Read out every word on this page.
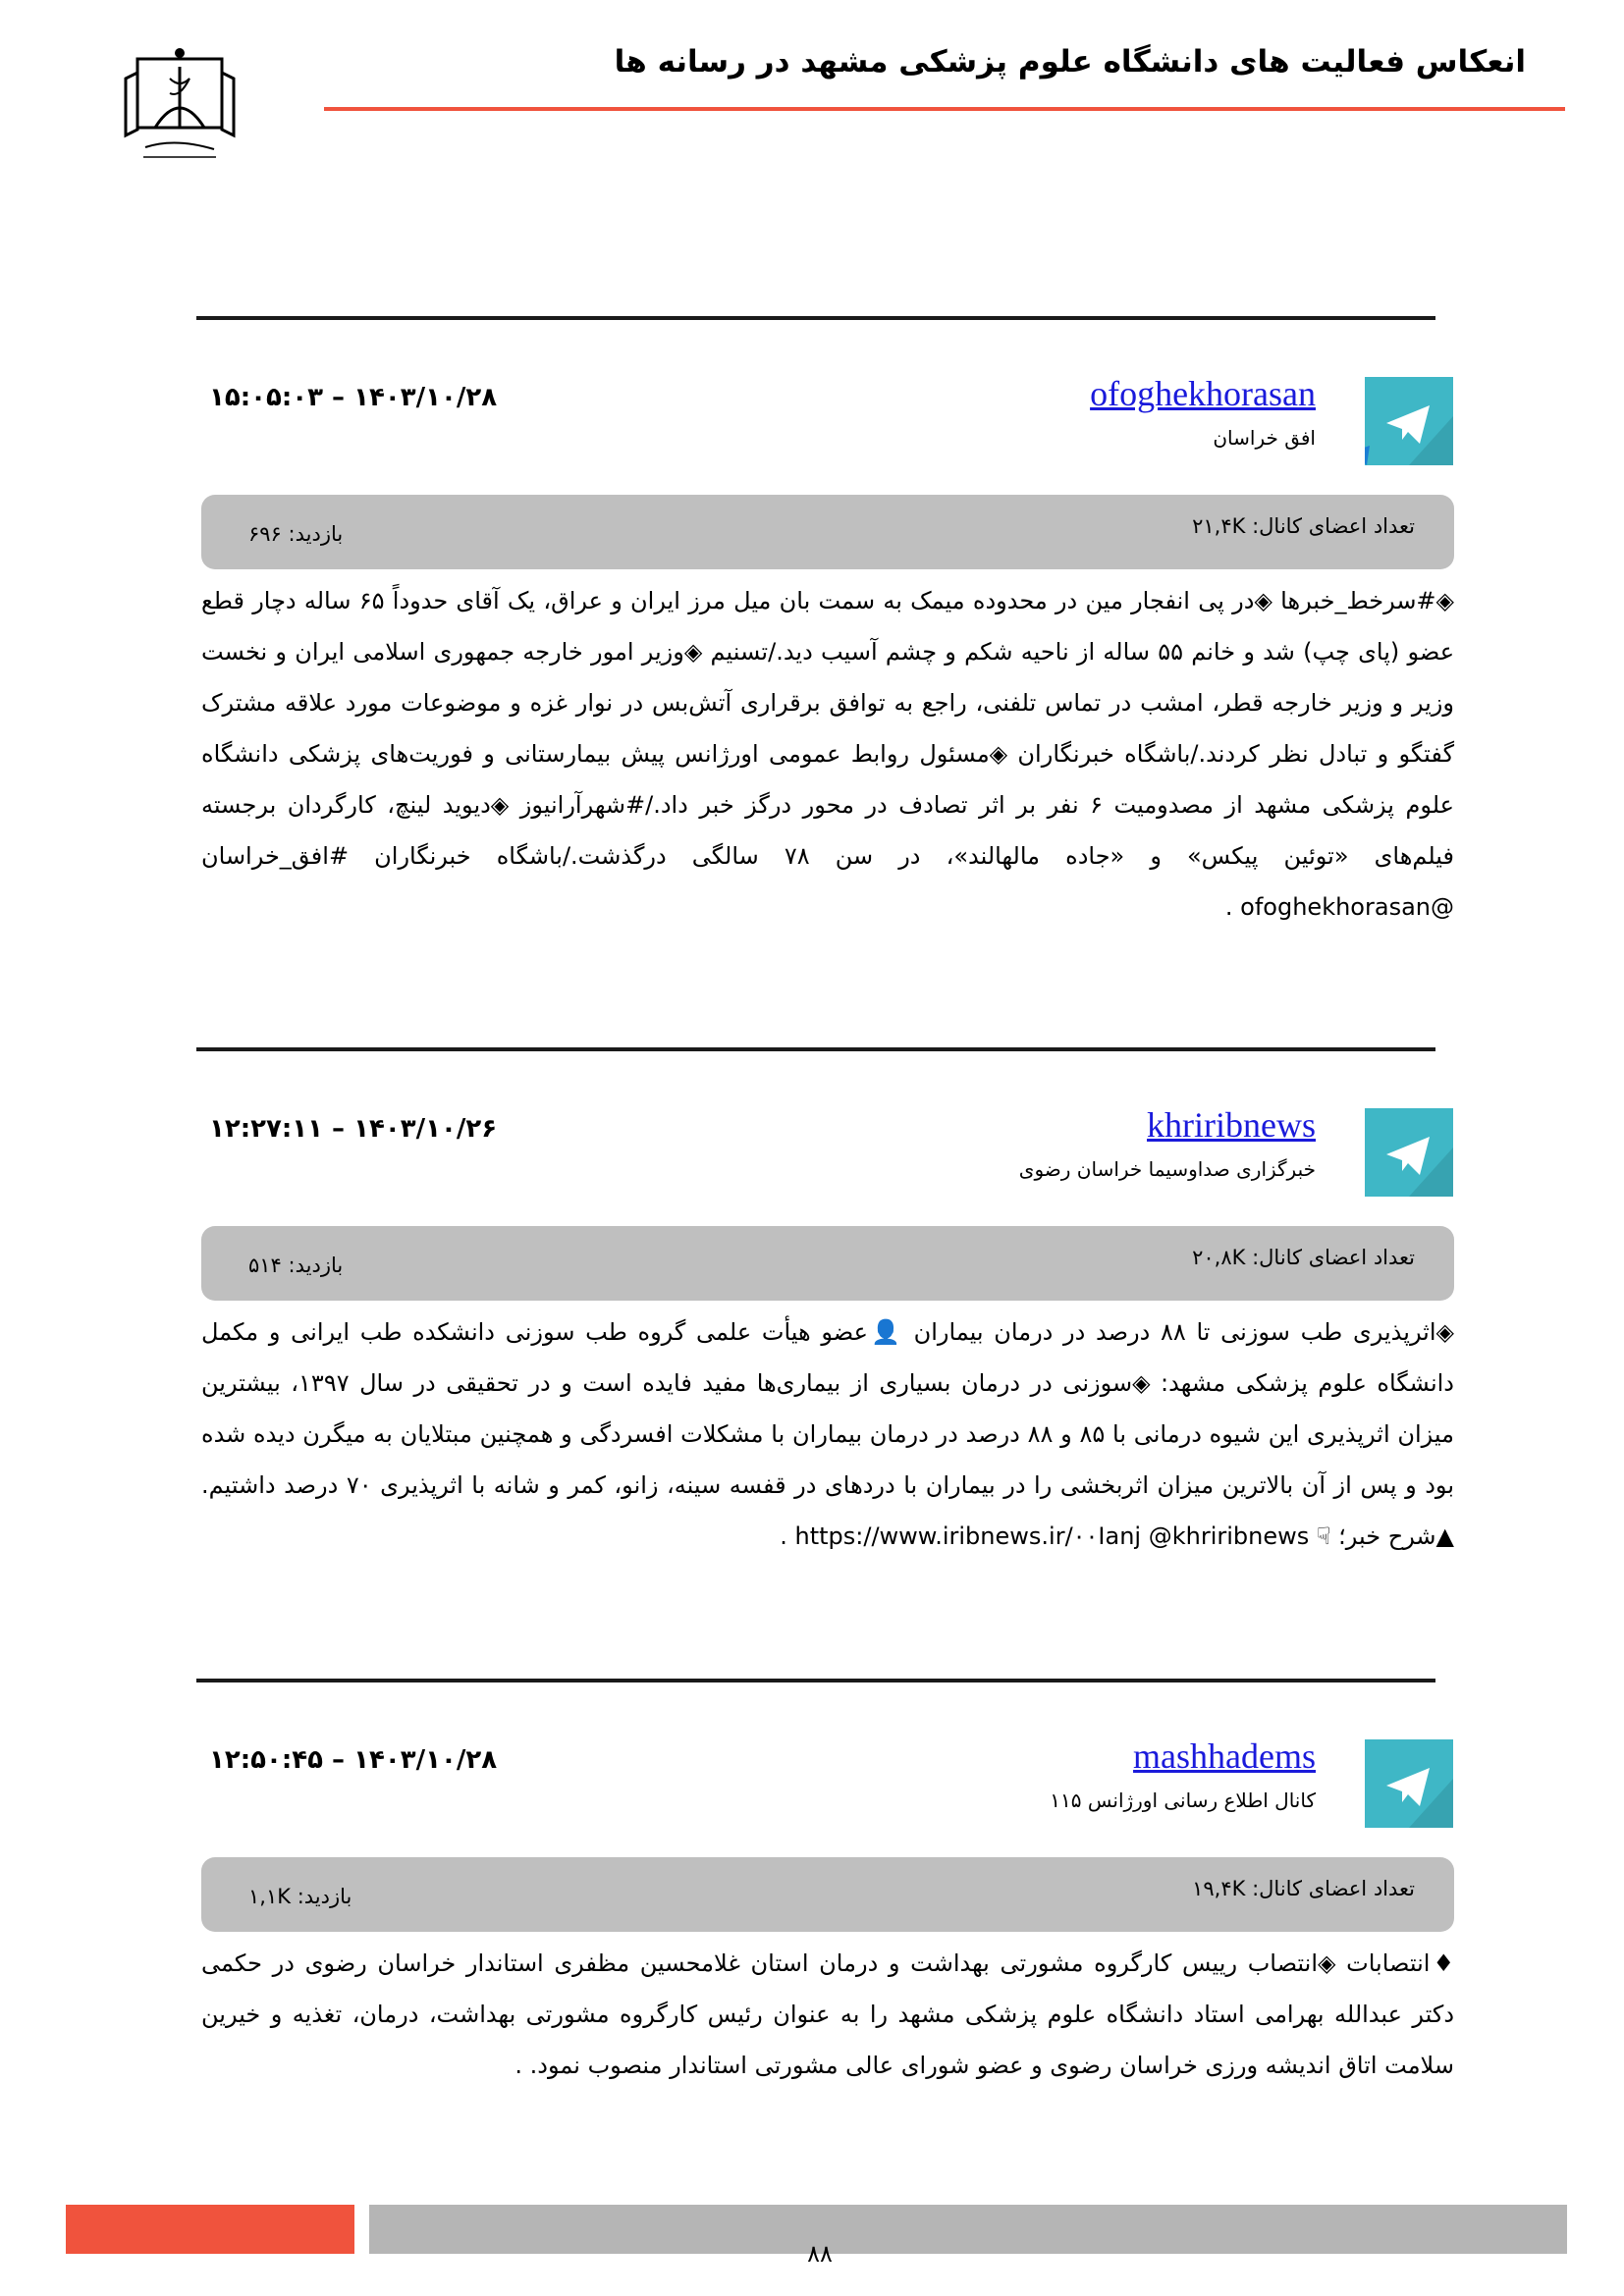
انعکاس فعالیت های دانشگاه علوم پزشکی مشهد در رسانه ها
ofoghekhorasan
افق خراسان
۱۵:۰۵:۰۳ – ۱۴۰۳/۱۰/۲۸
تعداد اعضای کانال: ۲۱,۴K
بازدید: ۶۹۶
◈#سرخط_خبرها ◈در پی انفجار مین در محدوده میمک به سمت بان میل مرز ایران و عراق، یک آقای حدوداً ۶۵ ساله دچار قطع عضو (پای چپ) شد و خانم ۵۵ ساله از ناحیه شکم و چشم آسیب دید./تسنیم ◈وزیر امور خارجه جمهوری اسلامی ایران و نخست وزیر و وزیر خارجه قطر، امشب در تماس تلفنی، راجع به توافق برقراری آتش‌بس در نوار غزه و موضوعات مورد علاقه مشترک گفتگو و تبادل نظر کردند./باشگاه خبرنگاران ◈مسئول روابط عمومی اورژانس پیش بیمارستانی و فوریت‌های پزشکی دانشگاه علوم پزشکی مشهد از مصدومیت ۶ نفر بر اثر تصادف در محور درگز خبر داد./#شهرآرانیوز ◈دیوید لینچ، کارگردان برجسته فیلم‌های «توئین پیکس» و «جاده مالهالند»، در سن ۷۸ سالگی درگذشت./باشگاه خبرنگاران #افق_خراسان @ofoghekhorasan .
khriribnews
خبرگزاری صداوسیما خراسان رضوی
۱۲:۲۷:۱۱ – ۱۴۰۳/۱۰/۲۶
تعداد اعضای کانال: ۲۰,۸K
بازدید: ۵۱۴
◈اثرپذیری طب سوزنی تا ۸۸ درصد در درمان بیماران 👤عضو هیأت علمی گروه طب سوزنی دانشکده طب ایرانی و مکمل دانشگاه علوم پزشکی مشهد: ◈سوزنی در درمان بسیاری از بیماری‌ها مفید فایده است و در تحقیقی در سال ۱۳۹۷، بیشترین میزان اثرپذیری این شیوه درمانی با ۸۵ و ۸۸ درصد در درمان بیماران با مشکلات افسردگی و همچنین مبتلایان به میگرن دیده شده بود و پس از آن بالاترین میزان اثربخشی را در بیماران با دردهای در قفسه سینه، زانو، کمر و شانه با اثرپذیری ۷۰ درصد داشتیم. ▲شرح خبر؛ ☟ https://www.iribnews.ir/۰۰Ianj @khriribnews .
mashhadems
کانال اطلاع رسانی اورژانس ۱۱۵
۱۲:۵۰:۴۵ – ۱۴۰۳/۱۰/۲۸
تعداد اعضای کانال: ۱۹,۴K
بازدید: ۱,۱K
♦انتصابات ◈انتصاب رییس کارگروه مشورتی بهداشت و درمان استان غلامحسین مظفری استاندار خراسان رضوی در حکمی دکتر عبدالله بهرامی استاد دانشگاه علوم پزشکی مشهد را به عنوان رئیس کارگروه مشورتی بهداشت، درمان، تغذیه و خیرین سلامت اتاق اندیشه ورزی خراسان رضوی و عضو شورای عالی مشورتی استاندار منصوب نمود. .
۸۸
